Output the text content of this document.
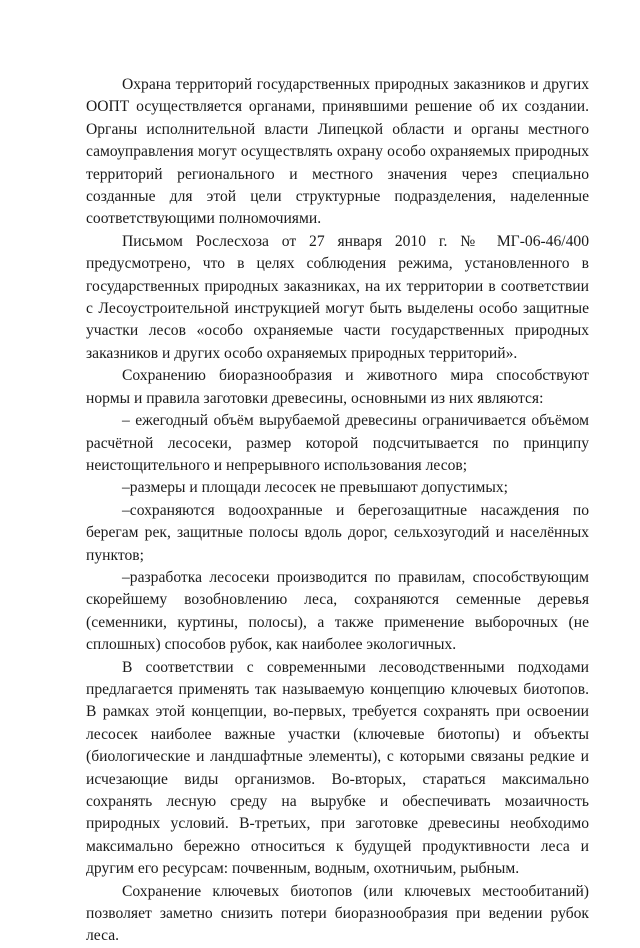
Охрана территорий государственных природных заказников и других ООПТ осуществляется органами, принявшими решение об их создании. Органы исполнительной власти Липецкой области и органы местного самоуправления могут осуществлять охрану особо охраняемых природных территорий регионального и местного значения через специально созданные для этой цели структурные подразделения, наделенные соответствующими полномочиями.

Письмом Рослесхоза от 27 января 2010 г. № МГ-06-46/400 предусмотрено, что в целях соблюдения режима, установленного в государственных природных заказниках, на их территории в соответствии с Лесоустроительной инструкцией могут быть выделены особо защитные участки лесов «особо охраняемые части государственных природных заказников и других особо охраняемых природных территорий».

Сохранению биоразнообразия и животного мира способствуют нормы и правила заготовки древесины, основными из них являются:

– ежегодный объём вырубаемой древесины ограничивается объёмом расчётной лесосеки, размер которой подсчитывается по принципу неистощительного и непрерывного использования лесов;

–размеры и площади лесосек не превышают допустимых;

–сохраняются водоохранные и берегозащитные насаждения по берегам рек, защитные полосы вдоль дорог, сельхозугодий и населённых пунктов;

–разработка лесосеки производится по правилам, способствующим скорейшему возобновлению леса, сохраняются семенные деревья (семенники, куртины, полосы), а также применение выборочных (не сплошных) способов рубок, как наиболее экологичных.

В соответствии с современными лесоводственными подходами предлагается применять так называемую концепцию ключевых биотопов. В рамках этой концепции, во-первых, требуется сохранять при освоении лесосек наиболее важные участки (ключевые биотопы) и объекты (биологические и ландшафтные элементы), с которыми связаны редкие и исчезающие виды организмов. Во-вторых, стараться максимально сохранять лесную среду на вырубке и обеспечивать мозаичность природных условий. В-третьих, при заготовке древесины необходимо максимально бережно относиться к будущей продуктивности леса и другим его ресурсам: почвенным, водным, охотничьим, рыбным.

Сохранение ключевых биотопов (или ключевых местообитаний) позволяет заметно снизить потери биоразнообразия при ведении рубок леса.
